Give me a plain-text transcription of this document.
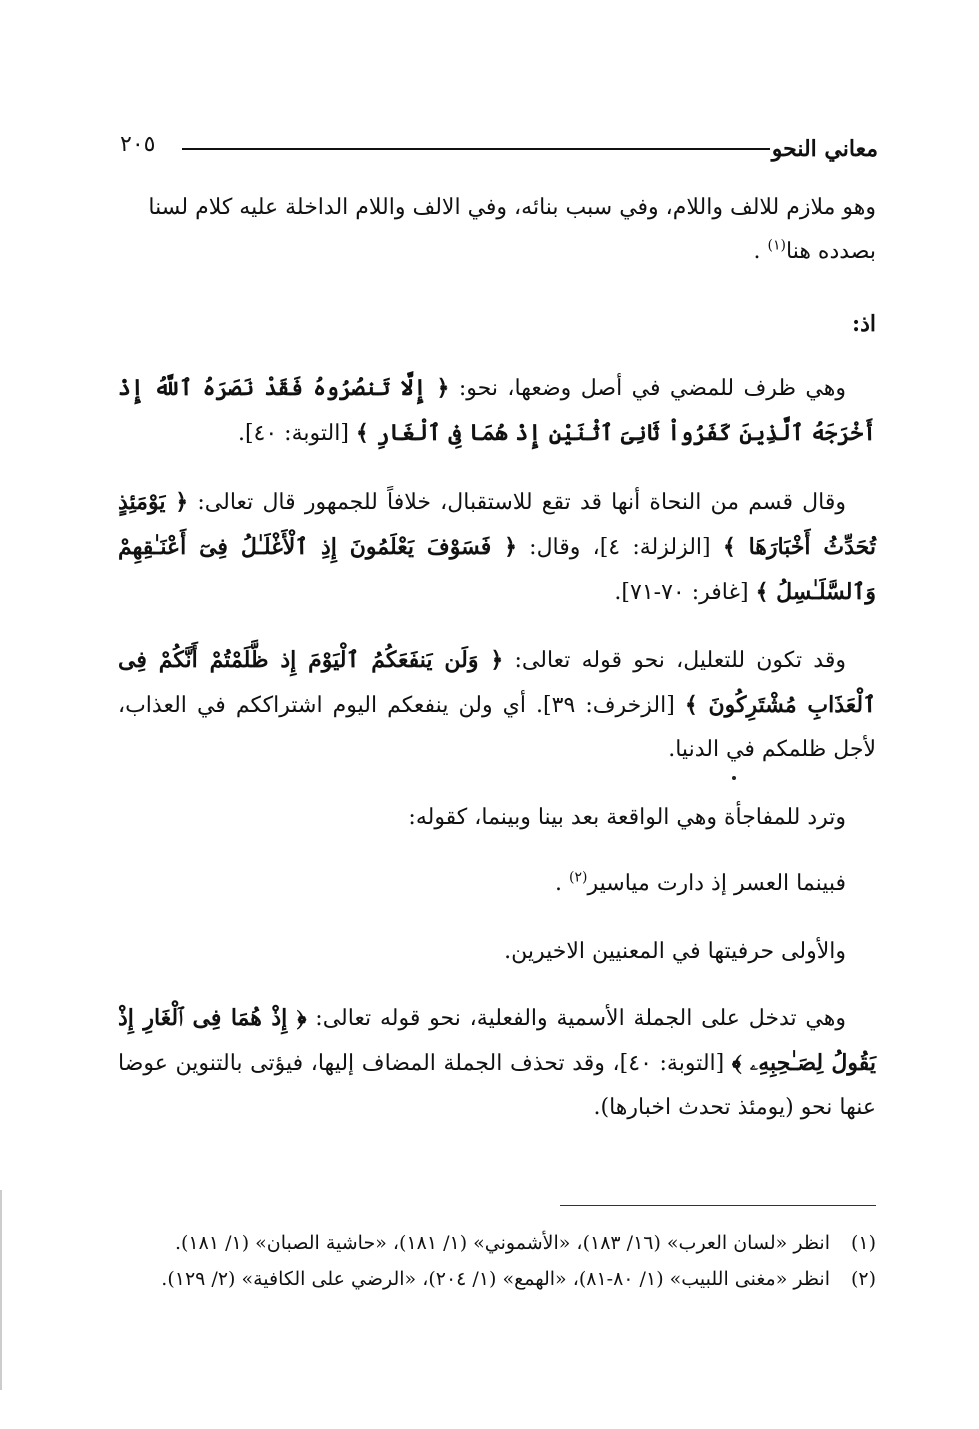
معاني النحو
٢٠٥

وهو ملازم للالف واللام، وفي سبب بنائه، وفي الالف واللام الداخلة عليه كلام لسنا
بصدده هنا$^{(١)}$ .

اذ:

وهي ظرف للمضي في أصل وضعها، نحو: ﴿ إِلَّا تَنصُرُوهُ فَقَدْ نَصَرَهُ ٱللَّهُ إِذْ أَخْرَجَهُ ٱلَّذِينَ كَفَرُواْ ثَانِىَ ٱثْنَيْنِ إِذْ هُمَا فِى ٱلْغَارِ ﴾ [التوبة: ٤٠].

وقال قسم من النحاة أنها قد تقع للاستقبال، خلافاً للجمهور قال تعالى: ﴿ يَوْمَئِذٍ تُحَدِّثُ أَخْبَارَهَا ﴾ [الزلزلة: ٤]، وقال: ﴿ فَسَوْفَ يَعْلَمُونَ إِذِ ٱلْأَغْلَـٰلُ فِىٓ أَعْنَـٰقِهِمْ وَٱلسَّلَـٰسِلُ ﴾ [غافر: ٧٠-٧١].

وقد تكون للتعليل، نحو قوله تعالى: ﴿ وَلَن يَنفَعَكُمُ ٱلْيَوْمَ إِذ ظَّلَمْتُمْ أَنَّكُمْ فِى ٱلْعَذَابِ مُشْتَرِكُونَ ﴾ [الزخرف: ٣٩]. أي ولن ينفعكم اليوم اشتراككم في العذاب، لأجل ظلمكم في الدنيا.

وترد للمفاجأة وهي الواقعة بعد بينا وبينما، كقوله:

فبينما العسر إذ دارت مياسير$^{(٢)}$ .

والأولى حرفيتها في المعنيين الاخيرين.

وهي تدخل على الجملة الأسمية والفعلية، نحو قوله تعالى: ﴿ إِذْ هُمَا فِى ٱلْغَارِ إِذْ يَقُولُ لِصَـٰحِبِهِۦ ﴾ [التوبة: ٤٠]، وقد تحذف الجملة المضاف إليها، فيؤتى بالتنوين عوضا عنها نحو (يومئذ تحدث اخبارها).

(١)انظر «لسان العرب» (١٦/ ١٨٣)، «الأشموني» (١/ ١٨١)، «حاشية الصبان» (١/ ١٨١).

(٢)انظر «مغنى اللبيب» (١/ ٨٠-٨١)، «الهمع» (١/ ٢٠٤)، «الرضي على الكافية» (٢/ ١٢٩).
